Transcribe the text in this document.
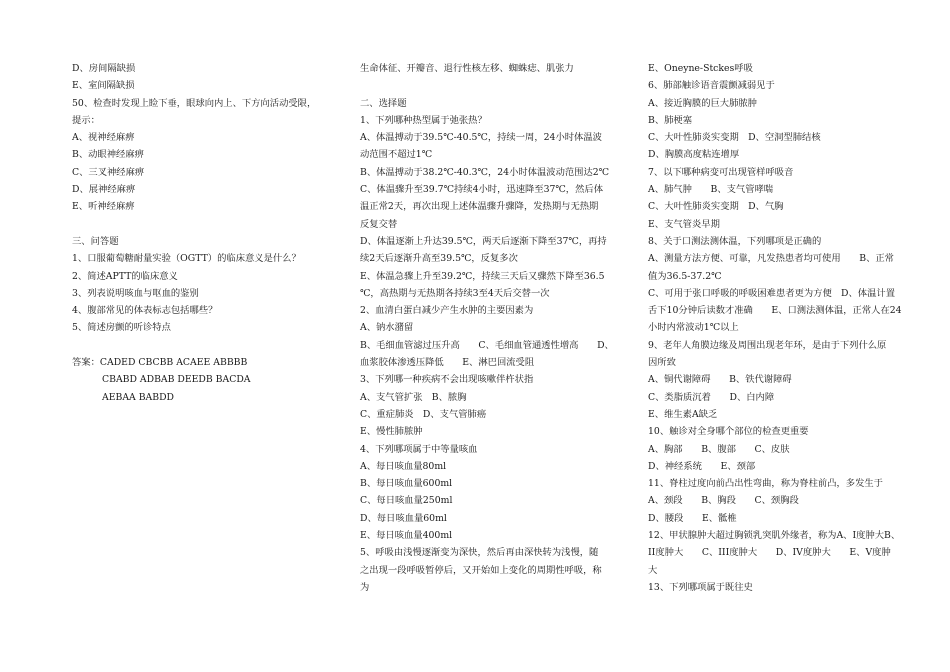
D、房间隔缺损
E、室间隔缺损
50、检查时发现上睑下垂，眼球向内上、下方向活动受限，
提示：
A、视神经麻痹
B、动眼神经麻痹
C、三叉神经麻痹
D、展神经麻痹
E、听神经麻痹
三、问答题
1、口服葡萄糖耐量实验（OGTT）的临床意义是什么？
2、简述APTT的临床意义
3、列表说明咳血与呕血的鉴别
4、腹部常见的体表标志包括哪些？
5、简述房颤的听诊特点
答案：CADED CBCBB ACAEE ABBBB
CBABD ADBAB DEEDB BACDA
AEBAA BABDD
生命体征、开瓣音、退行性核左移、蜘蛛痣、肌张力
二、选择题
1、下列哪种热型属于弛张热？
A、体温搏动于39.5℃-40.5℃，持续一周，24小时体温波
动范围不超过1℃
B、体温搏动于38.2℃-40.3℃，24小时体温波动范围达2℃
C、体温骤升至39.7℃持续4小时，迅速降至37℃，然后体
温正常2天，再次出现上述体温骤升骤降，发热期与无热期
反复交替
D、体温逐渐上升达39.5℃，两天后逐渐下降至37℃，再持
续2天后逐渐升高至39.5℃，反复多次
E、体温急骤上升至39.2℃，持续三天后又骤然下降至36.5
℃，高热期与无热期各持续3至4天后交替一次
2、血清白蛋白减少产生水肿的主要因素为
A、钠水潴留
B、毛细血管滤过压升高　　C、毛细血管通透性增高　　D、
血浆胶体渗透压降低　　E、淋巴回流受阻
3、下列哪一种疾病不会出现咳嗽伴杵状指
A、支气管扩张　B、脓胸
C、重症肺炎　D、支气管肺癌
E、慢性肺脓肿
4、下列哪项属于中等量咳血
A、每日咳血量80ml
B、每日咳血量600ml
C、每日咳血量250ml
D、每日咳血量60ml
E、每日咳血量400ml
5、呼吸由浅慢逐渐变为深快，然后再由深快转为浅慢，随
之出现一段呼吸暂停后，又开始如上变化的周期性呼吸，称
为
E、Oneyne-Stckes呼吸
6、肺部触诊语音震颤减弱见于
A、接近胸膜的巨大肺脓肿
B、肺梗塞
C、大叶性肺炎实变期　D、空洞型肺结核
D、胸膜高度粘连增厚
7、以下哪种病变可出现管样呼吸音
A、肺气肿　　B、支气管哮喘
C、大叶性肺炎实变期　D、气胸
E、支气管炎早期
8、关于口测法测体温，下列哪项是正确的
A、测量方法方便、可靠，凡发热患者均可使用　　B、正常
值为36.5-37.2℃
C、可用于张口呼吸的呼吸困难患者更为方便　D、体温计置
舌下10分钟后读数才准确　　E、口测法测体温，正常人在24
小时内常波动1℃以上
9、老年人角膜边缘及周围出现老年环，是由于下列什么原
因所致
A、铜代谢障碍　　B、铁代谢障碍
C、类脂质沉着　　D、白内障
E、维生素A缺乏
10、触诊对全身哪个部位的检查更重要
A、胸部　　B、腹部　　C、皮肤
D、神经系统　　E、颈部
11、脊柱过度向前凸出性弯曲，称为脊柱前凸，多发生于
A、颈段　　B、胸段　　C、颈胸段
D、腰段　　E、骶椎
12、甲状腺肿大超过胸锁乳突肌外缘者，称为A、I度肿大B、
II度肿大　　C、III度肿大　　D、IV度肿大　　E、V度肿
大
13、下列哪项属于既往史
